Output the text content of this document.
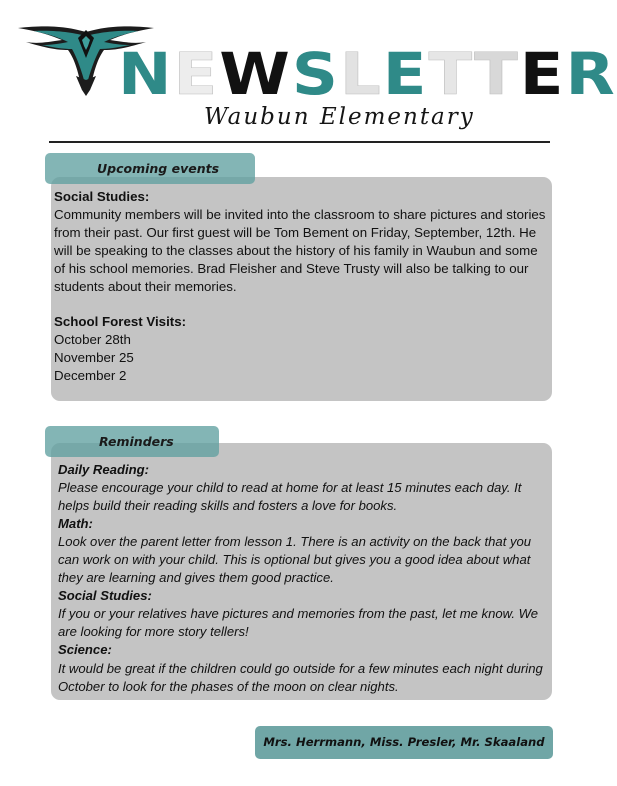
NEWSLETTER
Waubun Elementary
Upcoming events

Social Studies:

Community members will be invited into the classroom to share pictures and stories from their past. Our first guest will be Tom Bement on Friday, September, 12th. He will be speaking to the classes about the history of his family in Waubun and some of his school memories. Brad Fleisher and Steve Trusty will also be talking to our students about their memories.

School Forest Visits:

October 28th

November 25

December 2

Reminders

Daily Reading:

Please encourage your child to read at home for at least 15 minutes each day. It helps build their reading skills and fosters a love for books.

Math:

Look over the parent letter from lesson 1. There is an activity on the back that you can work on with your child. This is optional but gives you a good idea about what they are learning and gives them good practice.

Social Studies:

If you or your relatives have pictures and memories from the past, let me know. We are looking for more story tellers!

Science:

It would be great if the children could go outside for a few minutes each night during October to look for the phases of the moon on clear nights.

Mrs. Herrmann, Miss. Presler, Mr. Skaaland
